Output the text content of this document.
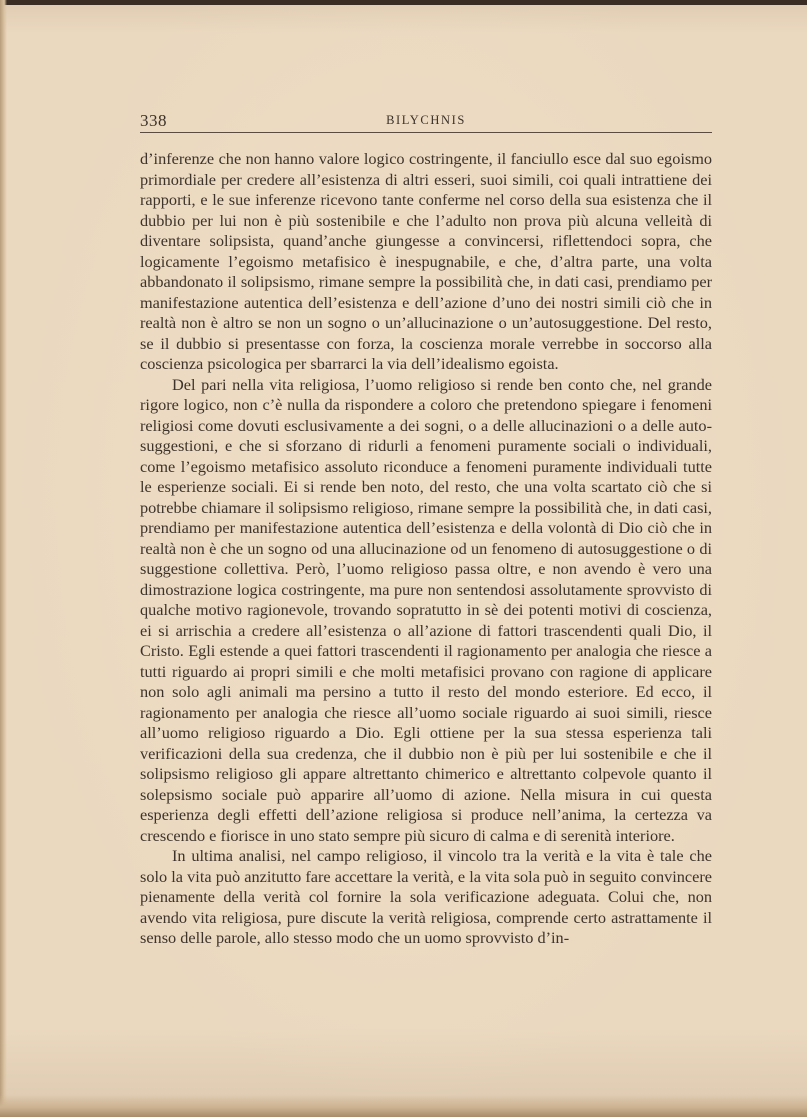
338	BILYCHNIS

d’inferenze che non hanno valore logico costringente, il fanciullo esce dal suo egoismo primordiale per credere all’esistenza di altri esseri, suoi simili, coi quali intrattiene dei rapporti, e le sue inferenze ricevono tante conferme nel corso della sua esistenza che il dubbio per lui non è più sostenibile e che l’adulto non prova più alcuna velleità di diventare solipsista, quand’anche giungesse a convincersi, riflettendoci sopra, che logicamente l’egoismo metafisico è inespugnabile, e che, d’altra parte, una volta abbandonato il solipsismo, rimane sempre la possibilità che, in dati casi, prendiamo per manifestazione autentica dell’esistenza e dell’azione d’uno dei nostri simili ciò che in realtà non è altro se non un sogno o un’allucinazione o un’autosuggestione. Del resto, se il dubbio si presentasse con forza, la coscienza morale verrebbe in soccorso alla coscienza psicologica per sbarrarci la via dell’idealismo egoista.

Del pari nella vita religiosa, l’uomo religioso si rende ben conto che, nel grande rigore logico, non c’è nulla da rispondere a coloro che pretendono spiegare i fenomeni religiosi come dovuti esclusivamente a dei sogni, o a delle allucinazioni o a delle auto-suggestioni, e che si sforzano di ridurli a fenomeni puramente sociali o individuali, come l’egoismo metafisico assoluto riconduce a fenomeni puramente individuali tutte le esperienze sociali. Ei si rende ben noto, del resto, che una volta scartato ciò che si potrebbe chiamare il solipsismo religioso, rimane sempre la possibilità che, in dati casi, prendiamo per manifestazione autentica dell’esistenza e della volontà di Dio ciò che in realtà non è che un sogno od una allucinazione od un fenomeno di autosuggestione o di suggestione collettiva. Però, l’uomo religioso passa oltre, e non avendo è vero una dimostrazione logica costringente, ma pure non sentendosi assolutamente sprovvisto di qualche motivo ragionevole, trovando sopratutto in sè dei potenti motivi di coscienza, ei si arrischia a credere all’esistenza o all’azione di fattori trascendenti quali Dio, il Cristo. Egli estende a quei fattori trascendenti il ragionamento per analogia che riesce a tutti riguardo ai propri simili e che molti metafisici provano con ragione di applicare non solo agli animali ma persino a tutto il resto del mondo esteriore. Ed ecco, il ragionamento per analogia che riesce all’uomo sociale riguardo ai suoi simili, riesce all’uomo religioso riguardo a Dio. Egli ottiene per la sua stessa esperienza tali verificazioni della sua credenza, che il dubbio non è più per lui sostenibile e che il solipsismo religioso gli appare altrettanto chimerico e altrettanto colpevole quanto il solepsismo sociale può apparire all’uomo di azione. Nella misura in cui questa esperienza degli effetti dell’azione religiosa si produce nell’anima, la certezza va crescendo e fiorisce in uno stato sempre più sicuro di calma e di serenità interiore.

In ultima analisi, nel campo religioso, il vincolo tra la verità e la vita è tale che solo la vita può anzitutto fare accettare la verità, e la vita sola può in seguito convincere pienamente della verità col fornire la sola verificazione adeguata. Colui che, non avendo vita religiosa, pure discute la verità religiosa, comprende certo astrattamente il senso delle parole, allo stesso modo che un uomo sprovvisto d’in-
